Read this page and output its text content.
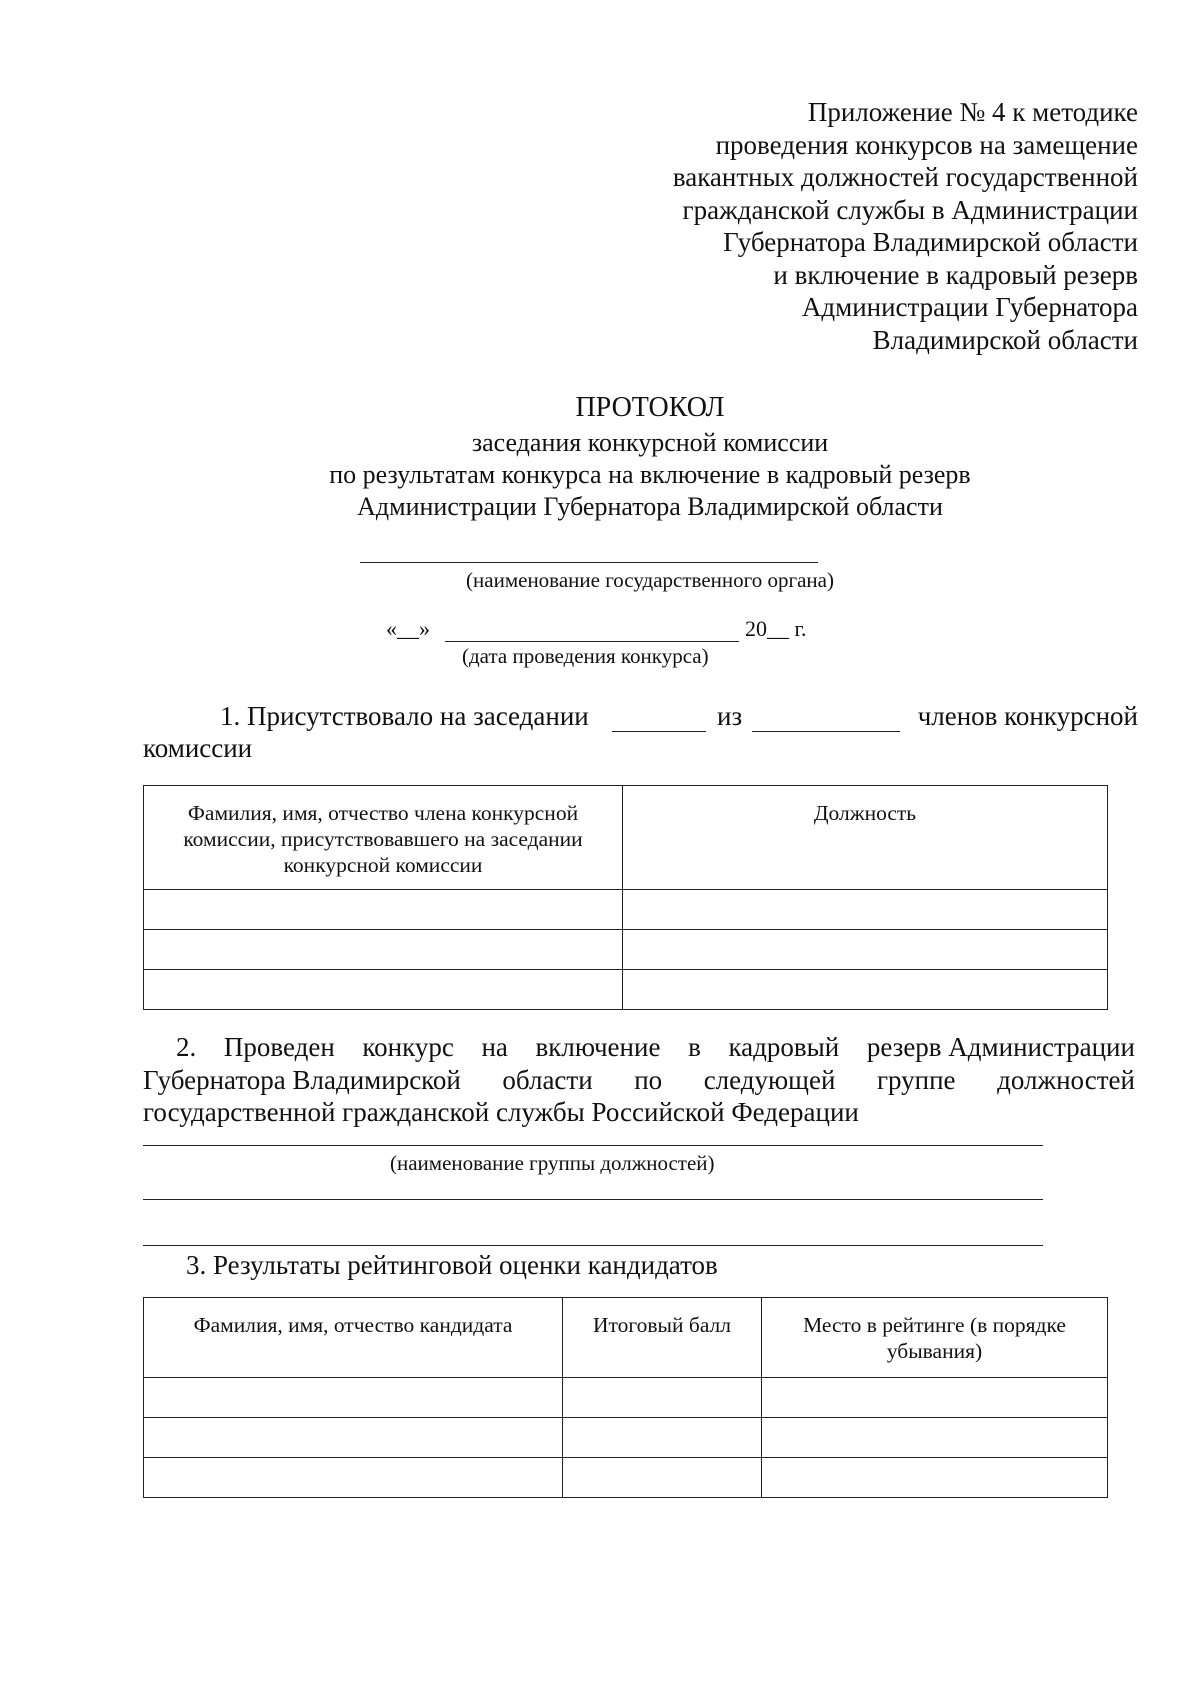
Приложение № 4 к методике
проведения конкурсов на замещение
вакантных должностей государственной
гражданской службы в Администрации
Губернатора Владимирской области
и включение в кадровый резерв
Администрации Губернатора
Владимирской области
ПРОТОКОЛ
заседания конкурсной комиссии
по результатам конкурса на включение в кадровый резерв
Администрации Губернатора Владимирской области
(наименование государственного органа)
«__»	20__ г.
(дата проведения конкурса)
1. Присутствовало на заседании	из	членов конкурсной
комиссии
Фамилия, имя, отчество члена конкурсной комиссии, присутствовавшего на заседании конкурсной комиссии	Должность

2. Проведен конкурс на включение в кадровый резерв Администрации
Губернатора Владимирской области по следующей группе должностей
государственной гражданской службы Российской Федерации
(наименование группы должностей)
3. Результаты рейтинговой оценки кандидатов
Фамилия, имя, отчество кандидата	Итоговый балл	Место в рейтинге (в порядке убывания)
